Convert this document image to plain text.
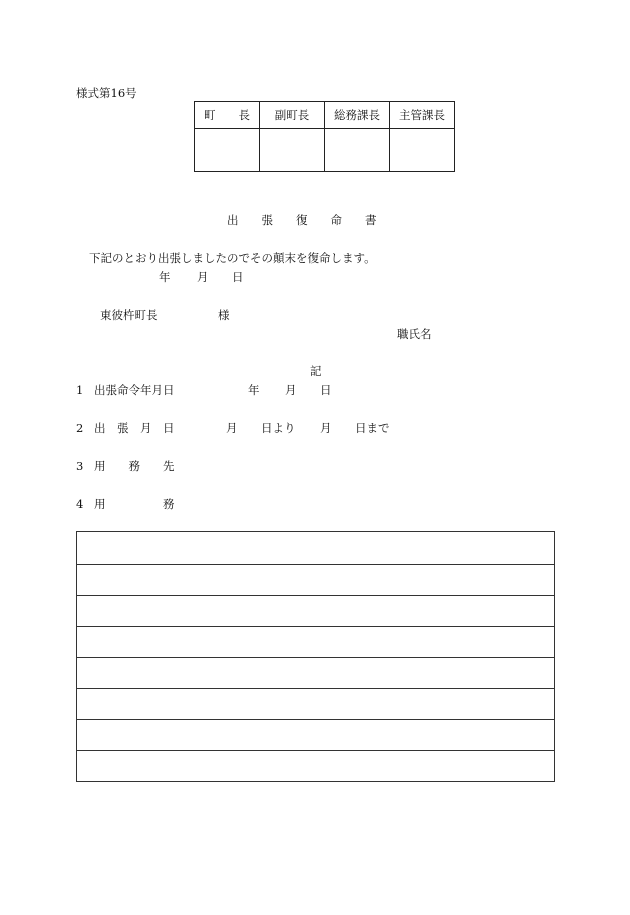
様式第16号
町　　長	副町長	総務課長	主管課長

出　　張　　復　　命　　書
下記のとおり出張しましたのでその顛末を復命します。
年 月 日
東彼杵町長	様
職氏名
記
1 出張命令年月日	年 月 日
2 出　張　月　日	月 日より 月 日まで
3 用　　務　　先
4 用　　　　　務
